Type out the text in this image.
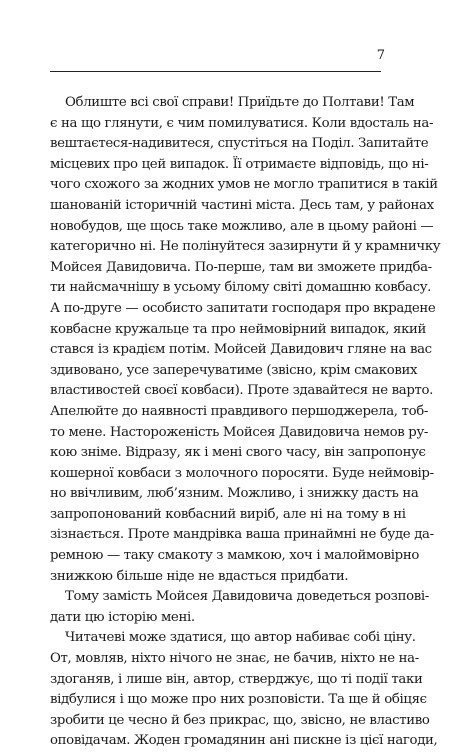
7
Облиште всі свої справи! Приїдьте до Полтави! Там
є на що глянути, є чим помилуватися. Коли вдосталь на-
вештаєтеся-надивитеся, спустіться на Поділ. Запитайте
місцевих про цей випадок. Її отримаєте відповідь, що ні-
чого схожого за жодних умов не могло трапитися в такій
шанованій історичній частині міста. Десь там, у районах
новобудов, ще щось таке можливо, але в цьому районі —
категорично ні. Не полінуйтеся зазирнути й у крамничку
Мойсея Давидовича. По-перше, там ви зможете придба-
ти найсмачнішу в усьому білому світі домашню ковбасу.
А по-друге — особисто запитати господаря про вкрадене
ковбасне кружальце та про неймовірний випадок, який
стався із крадієм потім. Мойсей Давидович гляне на вас
здивовано, усе заперечуватиме (звісно, крім смакових
властивостей своєї ковбаси). Проте здавайтеся не варто.
Апелюйте до наявності правдивого першоджерела, тоб-
то мене. Настороженість Мойсея Давидовича немов ру-
кою зніме. Відразу, як і мені свого часу, він запропонує
кошерної ковбаси з молочного пороcяти. Буде неймовір-
но ввічливим, люб’язним. Можливо, і знижку дасть на
запропонований ковбасний виріб, але ні на тому в ні
зізнається. Проте мандрівка ваша принаймні не буде да-
ремною — таку смакоту з мамкою, хоч і малоймовірно
знижкою більше ніде не вдасться придбати.
Тому замість Мойсея Давидовича доведеться розпові-
дати цю історію мені.
Читачеві може здатися, що автор набиває собі ціну.
От, мовляв, ніхто нічого не знає, не бачив, ніхто не на-
здоганяв, і лише він, автор, стверджує, що ті події таки
відбулися і що може про них розповісти. Та ще й обіцяє
зробити це чесно й без прикрас, що, звісно, не властиво
оповідачам. Жоден громадянин ані пискне із цієї нагоди,
